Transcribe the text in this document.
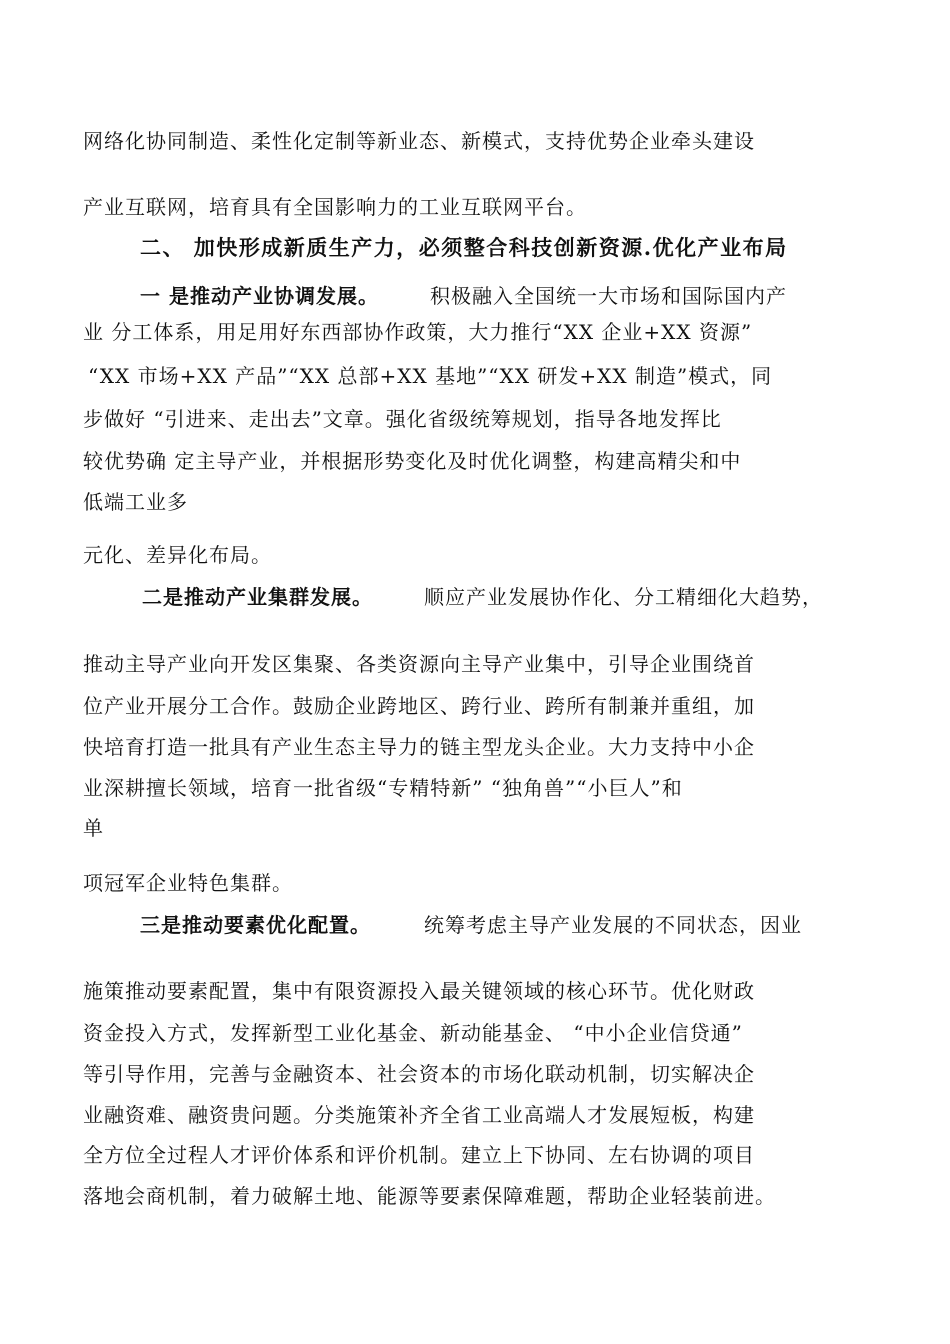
网络化协同制造、柔性化定制等新业态、新模式，支持优势企业牵头建设
产业互联网，培育具有全国影响力的工业互联网平台。
二、 加快形成新质生产力，必须整合科技创新资源.优化产业布局
一 是推动产业协调发展。	积极融入全国统一大市场和国际国内产
业 分工体系，用足用好东西部协作政策，大力推行“XX 企业+XX 资源”
“XX 市场+XX 产品”“XX 总部+XX 基地”“XX 研发+XX 制造”模式，同
步做好 “引进来、走出去”文章。强化省级统筹规划，指导各地发挥比
较优势确 定主导产业，并根据形势变化及时优化调整，构建高精尖和中
低端工业多
元化、差异化布局。
二是推动产业集群发展。	顺应产业发展协作化、分工精细化大趋势，
推动主导产业向开发区集聚、各类资源向主导产业集中，引导企业围绕首
位产业开展分工合作。鼓励企业跨地区、跨行业、跨所有制兼并重组，加
快培育打造一批具有产业生态主导力的链主型龙头企业。大力支持中小企
业深耕擅长领域，培育一批省级“专精特新” “独角兽”“小巨人”和
单
项冠军企业特色集群。
三是推动要素优化配置。	统筹考虑主导产业发展的不同状态，因业
施策推动要素配置，集中有限资源投入最关键领域的核心环节。优化财政
资金投入方式，发挥新型工业化基金、新动能基金、 “中小企业信贷通”
等引导作用，完善与金融资本、社会资本的市场化联动机制，切实解决企
业融资难、融资贵问题。分类施策补齐全省工业高端人才发展短板，构建
全方位全过程人才评价体系和评价机制。建立上下协同、左右协调的项目
落地会商机制，着力破解土地、能源等要素保障难题，帮助企业轻装前进。
